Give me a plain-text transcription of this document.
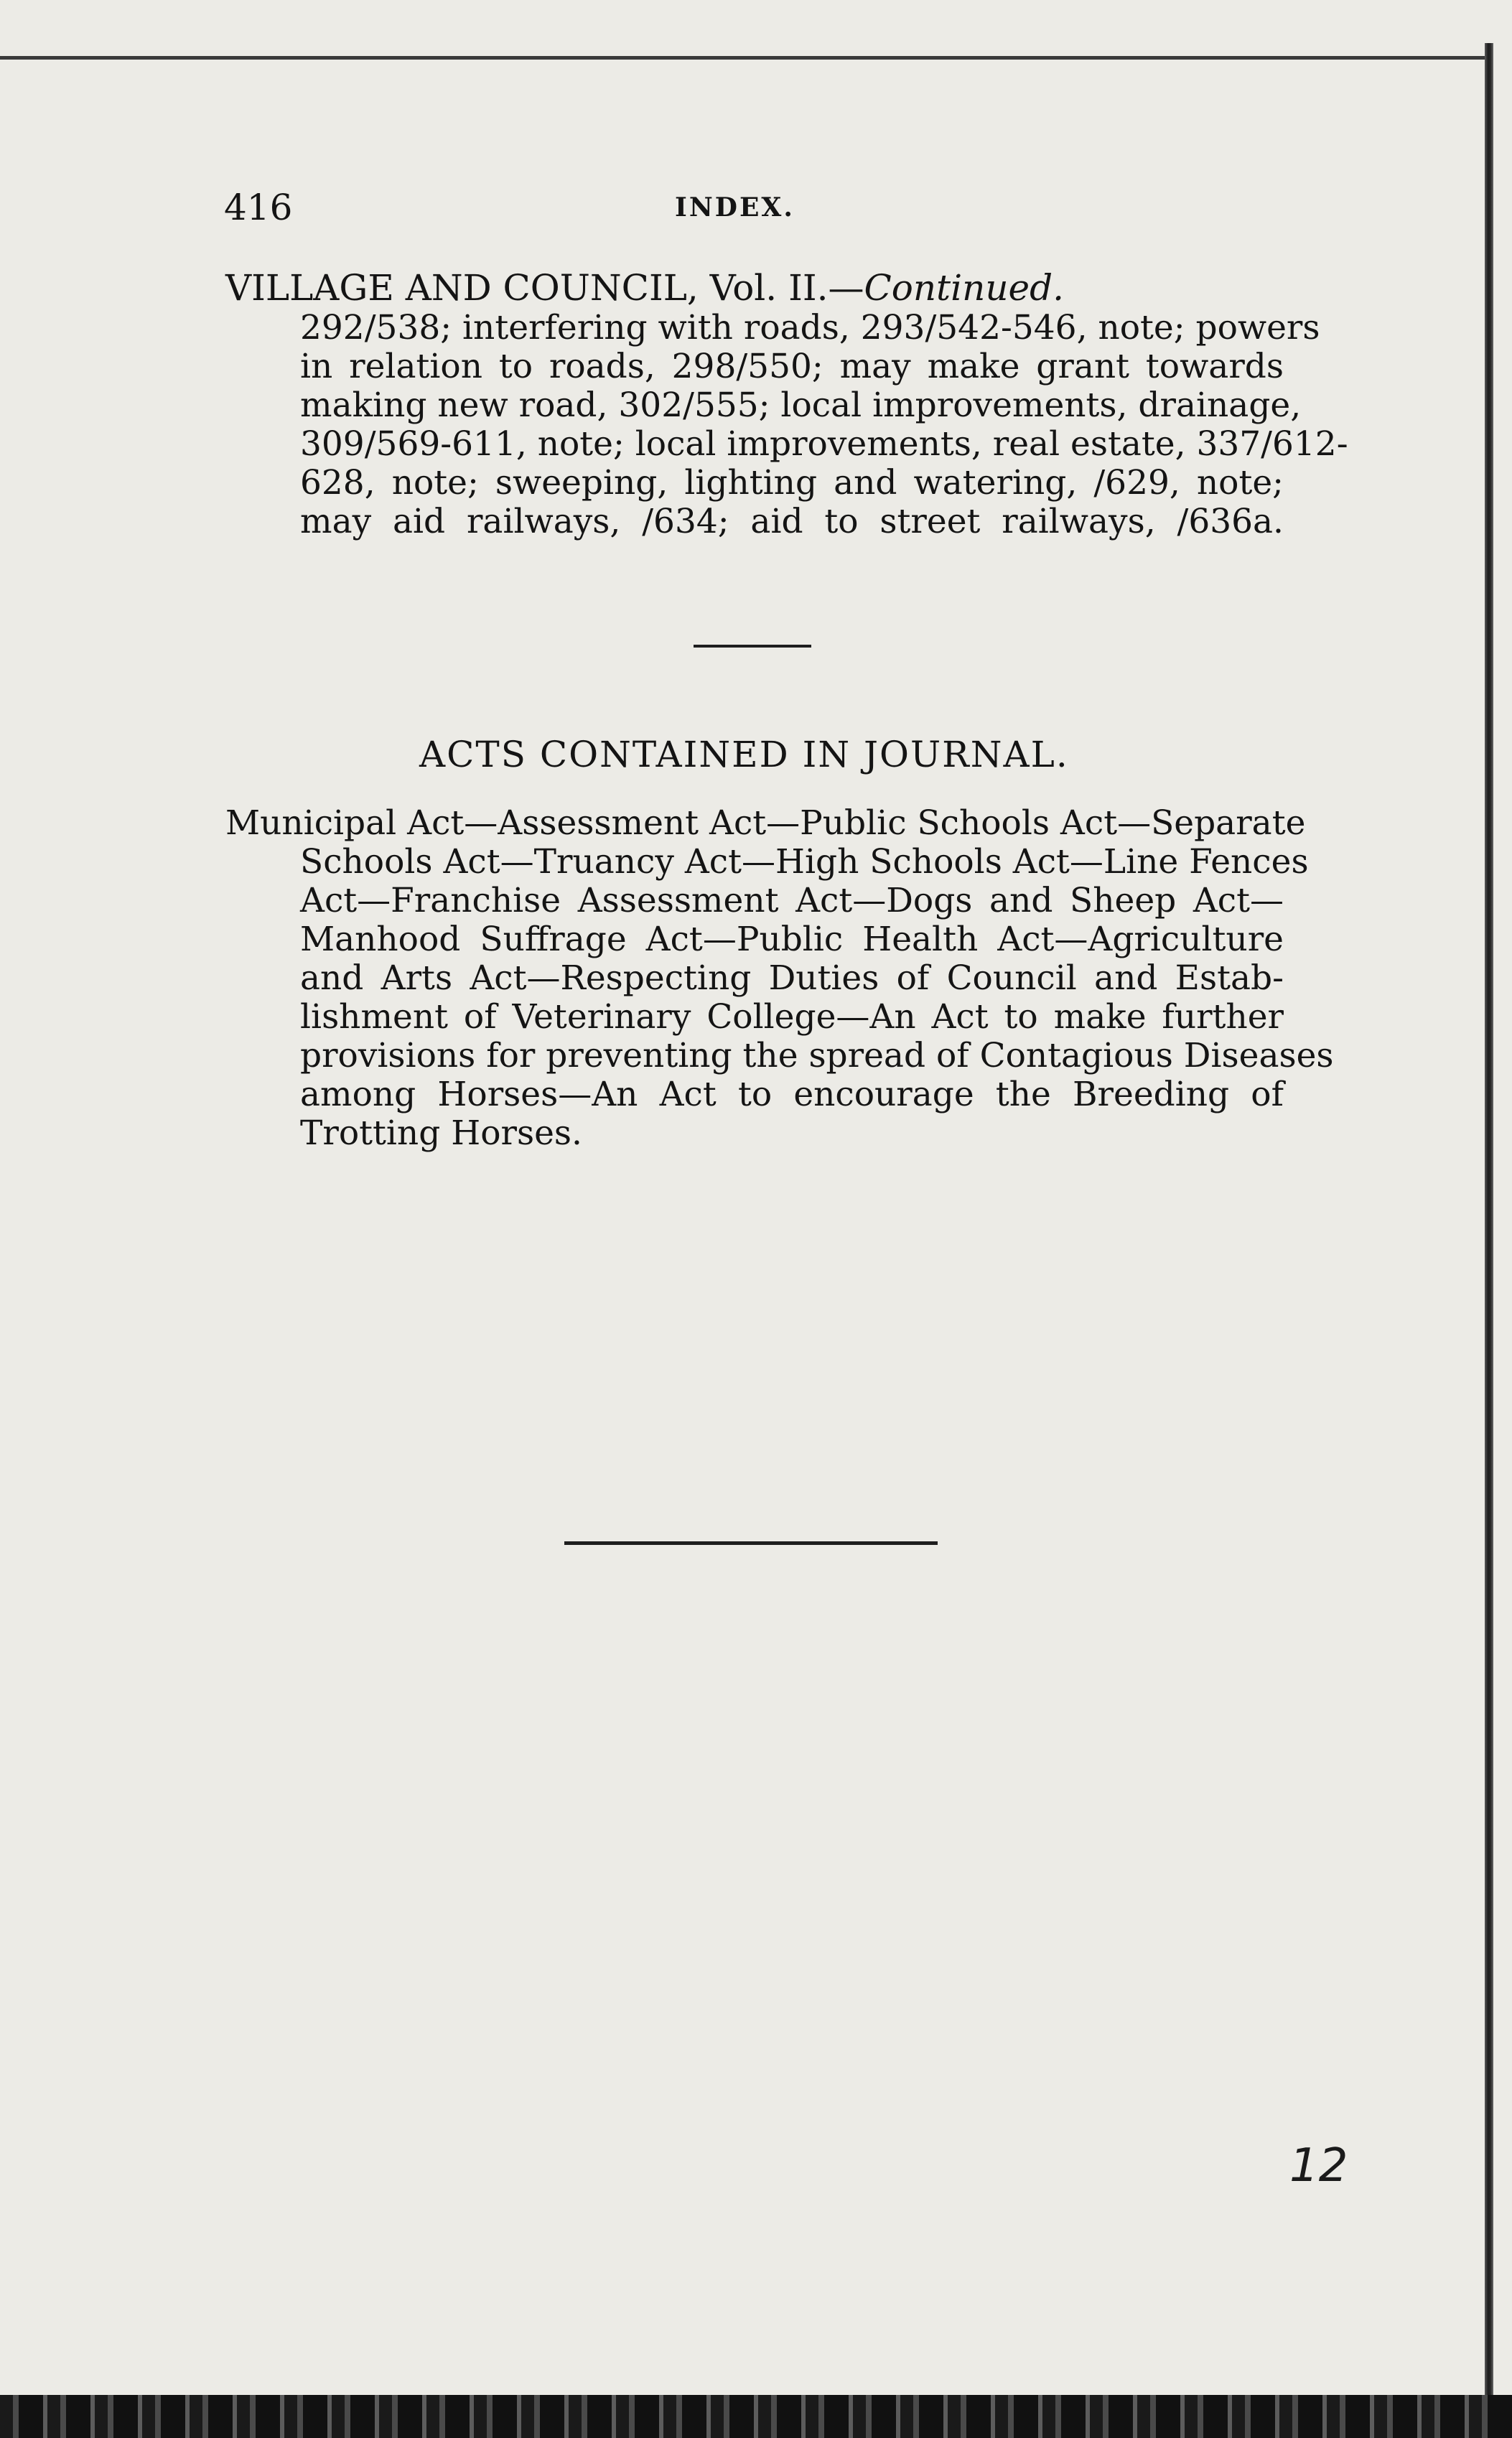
416	INDEX.
VILLAGE AND COUNCIL, Vol. II.—Continued.
292/538; interfering with roads, 293/542-546, note; powers
in relation to roads, 298/550; may make grant towards
making new road, 302/555; local improvements, drainage,
309/569-611, note; local improvements, real estate, 337/612-
628, note; sweeping, lighting and watering, /629, note;
may aid railways, /634; aid to street railways, /636a.
ACTS CONTAINED IN JOURNAL.
Municipal Act—Assessment Act—Public Schools Act—Separate
Schools Act—Truancy Act—High Schools Act—Line Fences
Act—Franchise Assessment Act—Dogs and Sheep Act—
Manhood Suffrage Act—Public Health Act—Agriculture
and Arts Act—Respecting Duties of Council and Estab-
lishment of Veterinary College—An Act to make further
provisions for preventing the spread of Contagious Diseases
among Horses—An Act to encourage the Breeding of
Trotting Horses.
12
